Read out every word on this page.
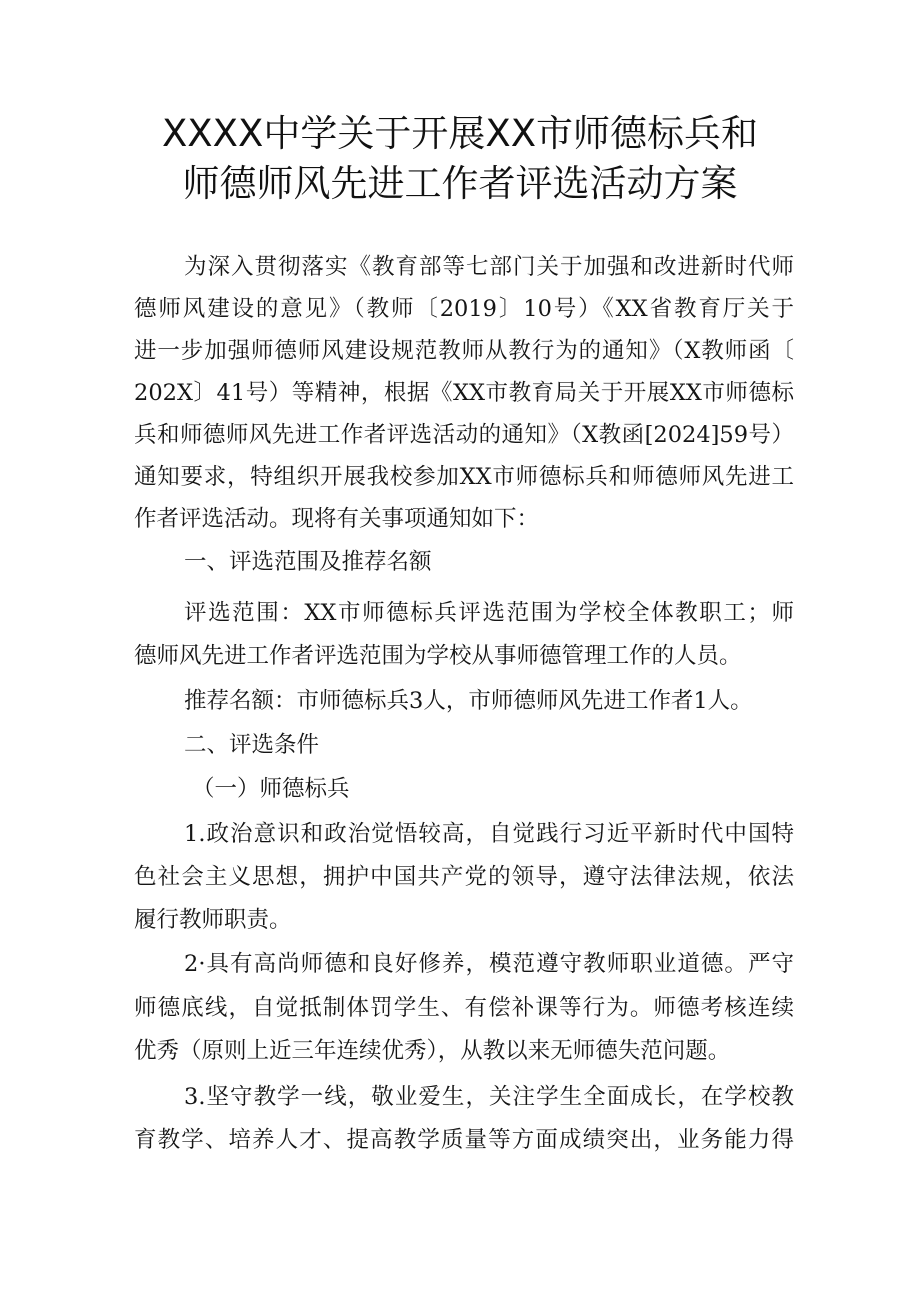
XXXX中学关于开展XX市师德标兵和
师德师风先进工作者评选活动方案
为深入贯彻落实《教育部等七部门关于加强和改进新时代师
德师风建设的意见》（教师〔2019〕10号）《XX省教育厅关于
进一步加强师德师风建设规范教师从教行为的通知》（X教师函〔
202X〕41号）等精神，根据《XX市教育局关于开展XX市师德标
兵和师德师风先进工作者评选活动的通知》（X教函[2024]59号）
通知要求，特组织开展我校参加XX市师德标兵和师德师风先进工
作者评选活动。现将有关事项通知如下：
一、评选范围及推荐名额
评选范围：XX市师德标兵评选范围为学校全体教职工；师
德师风先进工作者评选范围为学校从事师德管理工作的人员。
推荐名额：市师德标兵3人，市师德师风先进工作者1人。
二、评选条件
（一）师德标兵
1.政治意识和政治觉悟较高，自觉践行习近平新时代中国特
色社会主义思想，拥护中国共产党的领导，遵守法律法规，依法
履行教师职责。
2·具有高尚师德和良好修养，模范遵守教师职业道德。严守
师德底线，自觉抵制体罚学生、有偿补课等行为。师德考核连续
优秀（原则上近三年连续优秀），从教以来无师德失范问题。
3.坚守教学一线，敬业爱生，关注学生全面成长，在学校教
育教学、培养人才、提高教学质量等方面成绩突出，业务能力得
